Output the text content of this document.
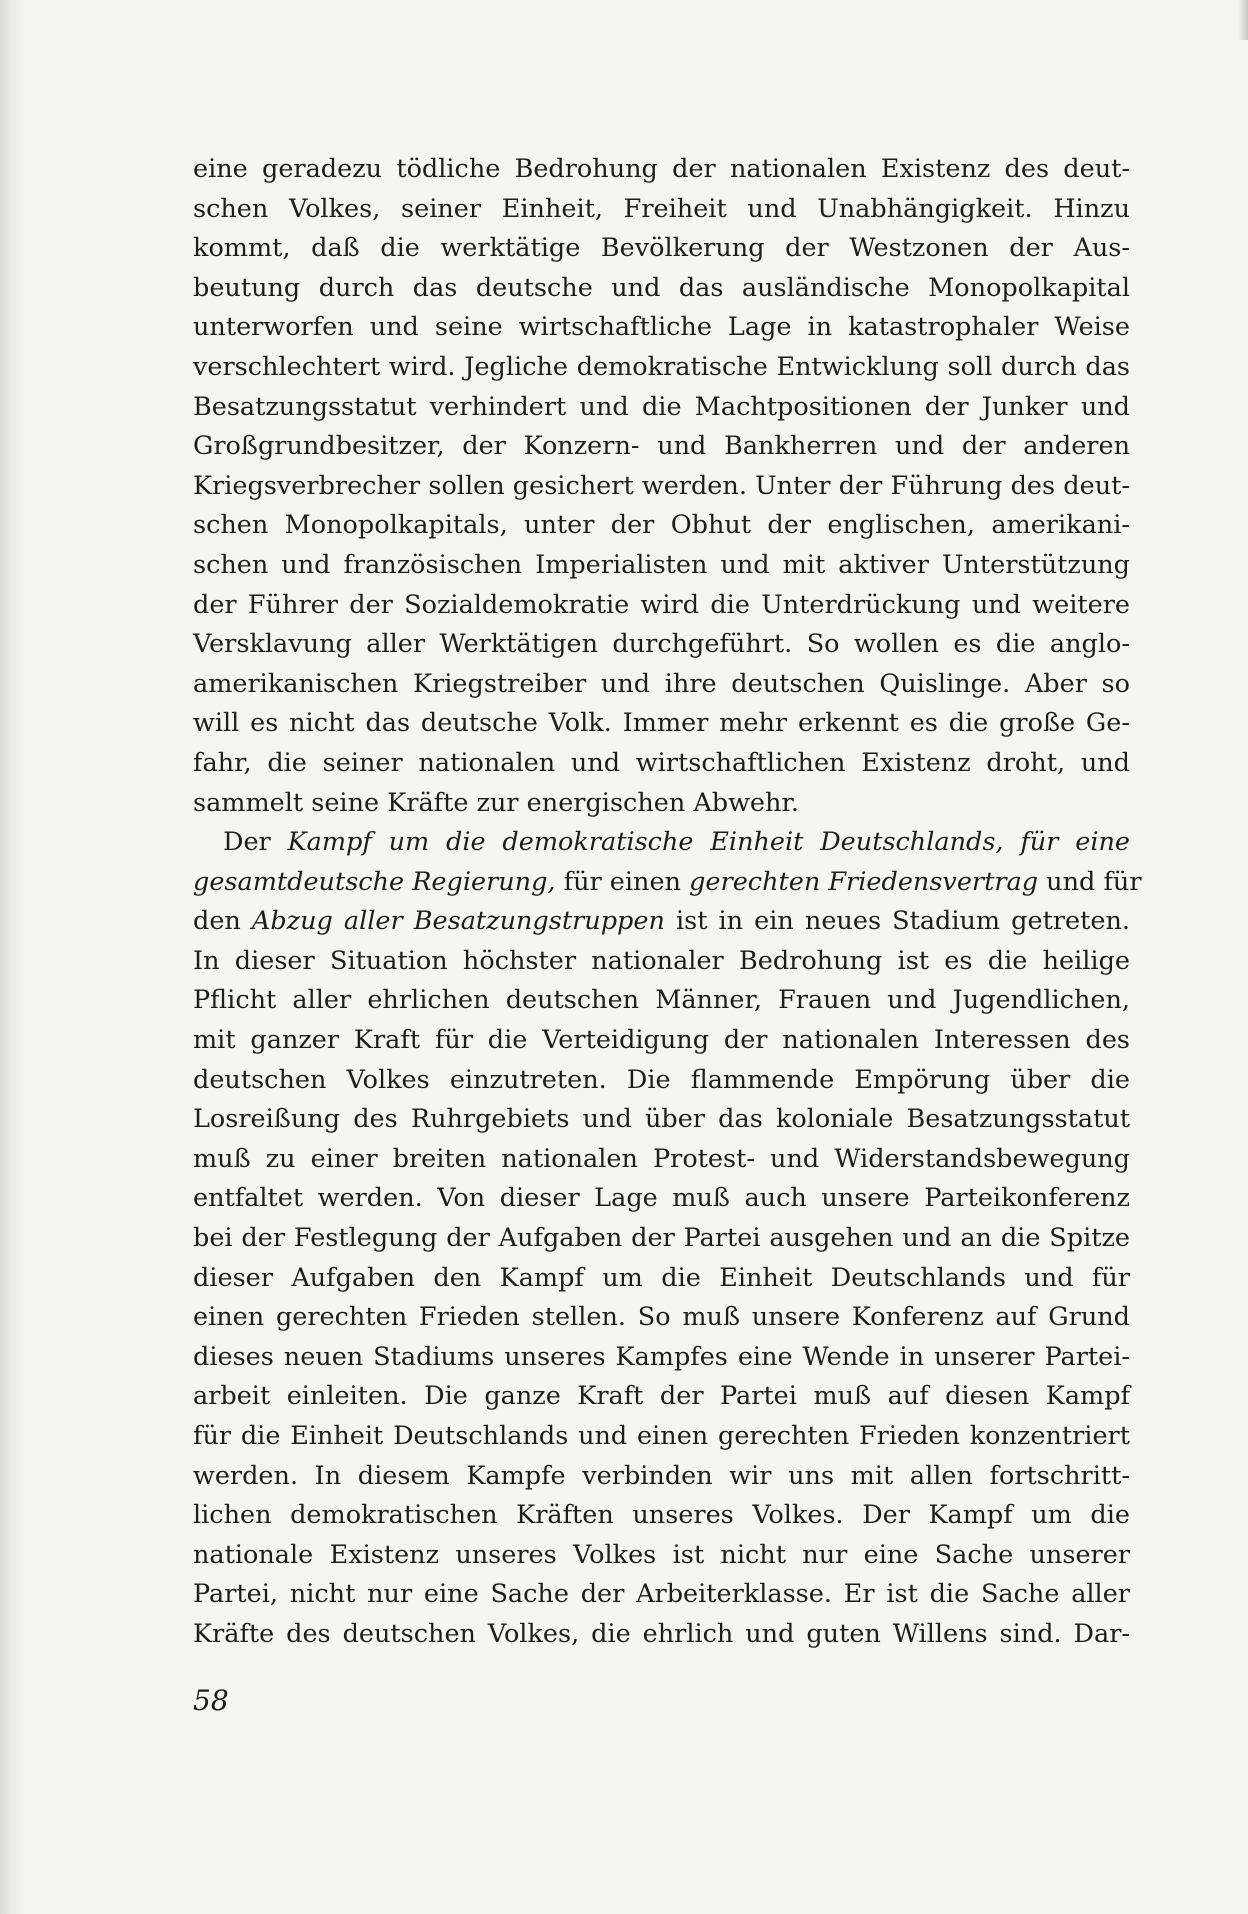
eine geradezu tödliche Bedrohung der nationalen Existenz des deut-
schen Volkes, seiner Einheit, Freiheit und Unabhängigkeit. Hinzu
kommt, daß die werktätige Bevölkerung der Westzonen der Aus-
beutung durch das deutsche und das ausländische Monopolkapital
unterworfen und seine wirtschaftliche Lage in katastrophaler Weise
verschlechtert wird. Jegliche demokratische Entwicklung soll durch das
Besatzungsstatut verhindert und die Machtpositionen der Junker und
Großgrundbesitzer, der Konzern- und Bankherren und der anderen
Kriegsverbrecher sollen gesichert werden. Unter der Führung des deut-
schen Monopolkapitals, unter der Obhut der englischen, amerikani-
schen und französischen Imperialisten und mit aktiver Unterstützung
der Führer der Sozialdemokratie wird die Unterdrückung und weitere
Versklavung aller Werktätigen durchgeführt. So wollen es die anglo-
amerikanischen Kriegstreiber und ihre deutschen Quislinge. Aber so
will es nicht das deutsche Volk. Immer mehr erkennt es die große Ge-
fahr, die seiner nationalen und wirtschaftlichen Existenz droht, und
sammelt seine Kräfte zur energischen Abwehr.
Der Kampf um die demokratische Einheit Deutschlands, für eine
gesamtdeutsche Regierung, für einen gerechten Friedensvertrag und für
den Abzug aller Besatzungstruppen ist in ein neues Stadium getreten.
In dieser Situation höchster nationaler Bedrohung ist es die heilige
Pflicht aller ehrlichen deutschen Männer, Frauen und Jugendlichen,
mit ganzer Kraft für die Verteidigung der nationalen Interessen des
deutschen Volkes einzutreten. Die flammende Empörung über die
Losreißung des Ruhrgebiets und über das koloniale Besatzungsstatut
muß zu einer breiten nationalen Protest- und Widerstandsbewegung
entfaltet werden. Von dieser Lage muß auch unsere Parteikonferenz
bei der Festlegung der Aufgaben der Partei ausgehen und an die Spitze
dieser Aufgaben den Kampf um die Einheit Deutschlands und für
einen gerechten Frieden stellen. So muß unsere Konferenz auf Grund
dieses neuen Stadiums unseres Kampfes eine Wende in unserer Partei-
arbeit einleiten. Die ganze Kraft der Partei muß auf diesen Kampf
für die Einheit Deutschlands und einen gerechten Frieden konzentriert
werden. In diesem Kampfe verbinden wir uns mit allen fortschritt-
lichen demokratischen Kräften unseres Volkes. Der Kampf um die
nationale Existenz unseres Volkes ist nicht nur eine Sache unserer
Partei, nicht nur eine Sache der Arbeiterklasse. Er ist die Sache aller
Kräfte des deutschen Volkes, die ehrlich und guten Willens sind. Dar-
58
